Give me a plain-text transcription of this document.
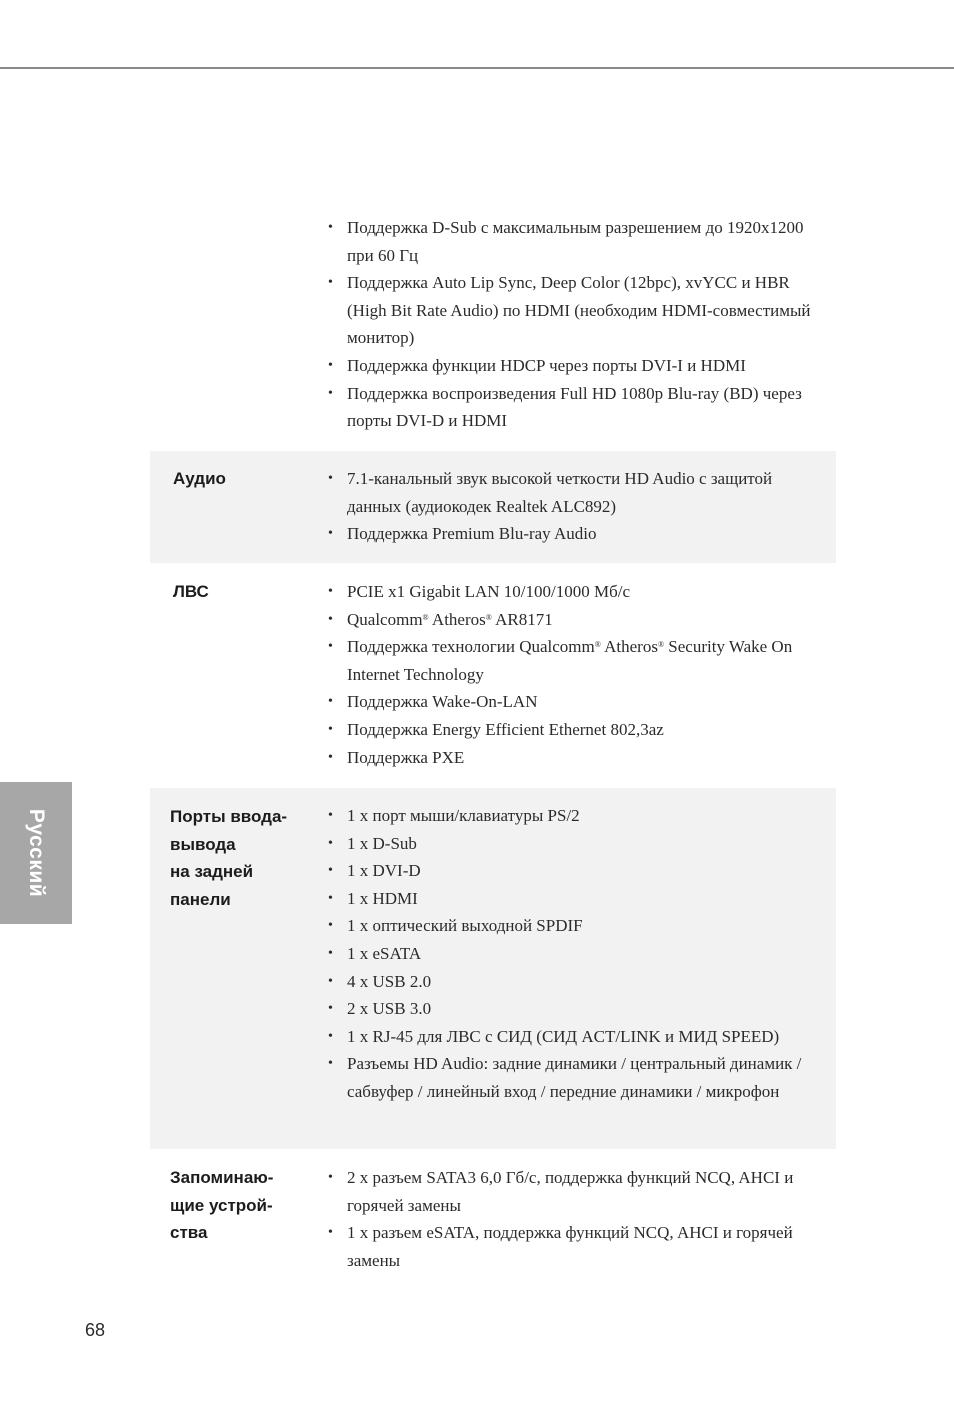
Русский
• Поддержка D-Sub с максимальным разрешением до 1920x1200 при 60 Гц
• Поддержка Auto Lip Sync, Deep Color (12bpc), xvYCC и HBR (High Bit Rate Audio) по HDMI (необходим HDMI-совместимый монитор)
• Поддержка функции HDCP через порты DVI-I и HDMI
• Поддержка воспроизведения Full HD 1080p Blu-ray (BD) через порты DVI-D и HDMI
Аудио	• 7.1-канальный звук высокой четкости HD Audio с защитой данных (аудиокодек Realtek ALC892)
• Поддержка Premium Blu-ray Audio
ЛВС	• PCIE x1 Gigabit LAN 10/100/1000 Мб/с
• Qualcomm® Atheros® AR8171
• Поддержка технологии Qualcomm® Atheros® Security Wake On Internet Technology
• Поддержка Wake-On-LAN
• Поддержка Energy Efficient Ethernet 802,3az
• Поддержка PXE
Порты ввода-
вывода
на задней
панели
• 1 x порт мыши/клавиатуры PS/2
• 1 x D-Sub
• 1 x DVI-D
• 1 x HDMI
• 1 x оптический выходной SPDIF
• 1 x eSATA
• 4 x USB 2.0
• 2 x USB 3.0
• 1 x RJ-45 для ЛВС с СИД (СИД ACT/LINK и МИД SPEED)
• Разъемы HD Audio: задние динамики / центральный динамик / сабвуфер / линейный вход / передние динамики / микрофон
Запоминаю-
щие устрой-
ства
• 2 x разъем SATA3 6,0 Гб/с, поддержка функций NCQ, AHCI и горячей замены
• 1 x разъем eSATA, поддержка функций NCQ, AHCI и горячей замены
68
